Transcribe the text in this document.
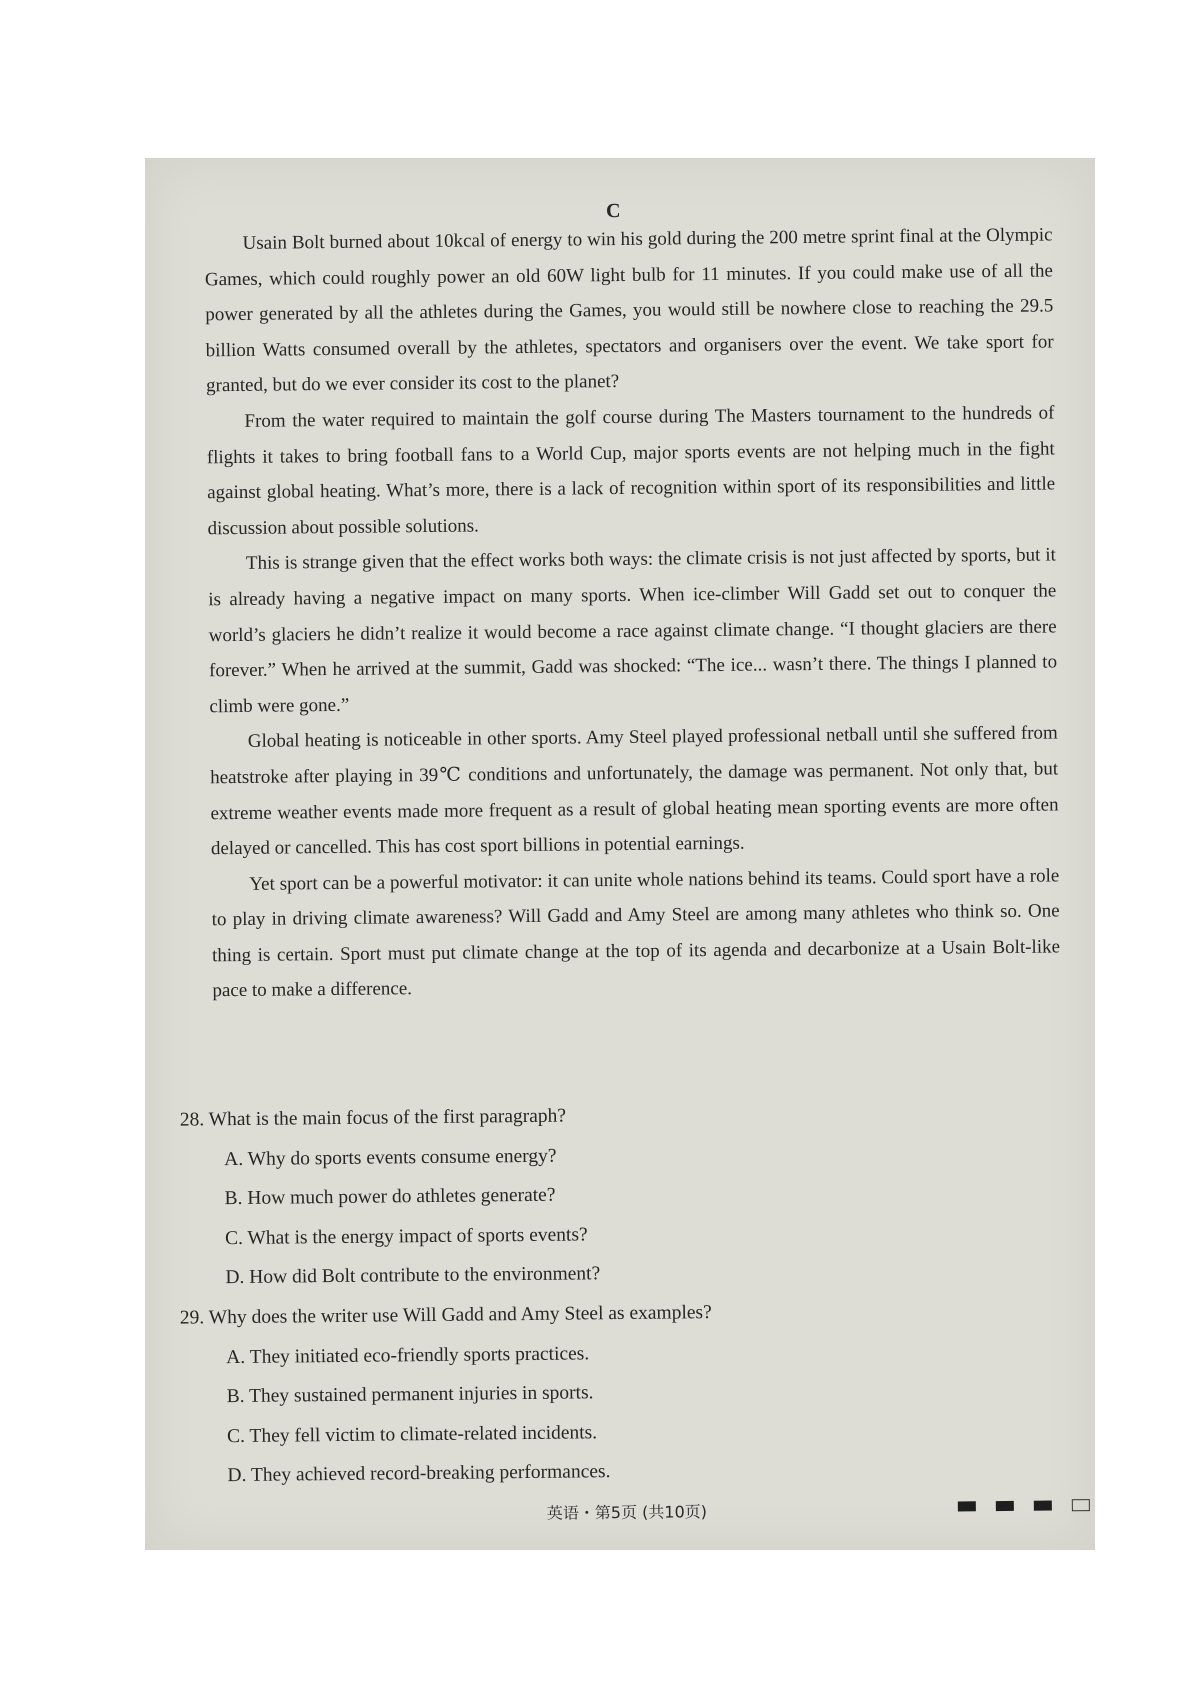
C

Usain Bolt burned about 10kcal of energy to win his gold during the 200 metre sprint final at the Olympic Games, which could roughly power an old 60W light bulb for 11 minutes. If you could make use of all the power generated by all the athletes during the Games, you would still be nowhere close to reaching the 29.5 billion Watts consumed overall by the athletes, spectators and organisers over the event. We take sport for granted, but do we ever consider its cost to the planet?

From the water required to maintain the golf course during The Masters tournament to the hundreds of flights it takes to bring football fans to a World Cup, major sports events are not helping much in the fight against global heating. What’s more, there is a lack of recognition within sport of its responsibilities and little discussion about possible solutions.

This is strange given that the effect works both ways: the climate crisis is not just affected by sports, but it is already having a negative impact on many sports. When ice-climber Will Gadd set out to conquer the world’s glaciers he didn’t realize it would become a race against climate change. “I thought glaciers are there forever.” When he arrived at the summit, Gadd was shocked: “The ice... wasn’t there. The things I planned to climb were gone.”

Global heating is noticeable in other sports. Amy Steel played professional netball until she suffered from heatstroke after playing in 39℃ conditions and unfortunately, the damage was permanent. Not only that, but extreme weather events made more frequent as a result of global heating mean sporting events are more often delayed or cancelled. This has cost sport billions in potential earnings.

Yet sport can be a powerful motivator: it can unite whole nations behind its teams. Could sport have a role to play in driving climate awareness? Will Gadd and Amy Steel are among many athletes who think so. One thing is certain. Sport must put climate change at the top of its agenda and decarbonize at a Usain Bolt-like pace to make a difference.

28. What is the main focus of the first paragraph?

A. Why do sports events consume energy?

B. How much power do athletes generate?

C. What is the energy impact of sports events?

D. How did Bolt contribute to the environment?

29. Why does the writer use Will Gadd and Amy Steel as examples?

A. They initiated eco-friendly sports practices.

B. They sustained permanent injuries in sports.

C. They fell victim to climate-related incidents.

D. They achieved record-breaking performances.

英语・第5页 (共10页)
